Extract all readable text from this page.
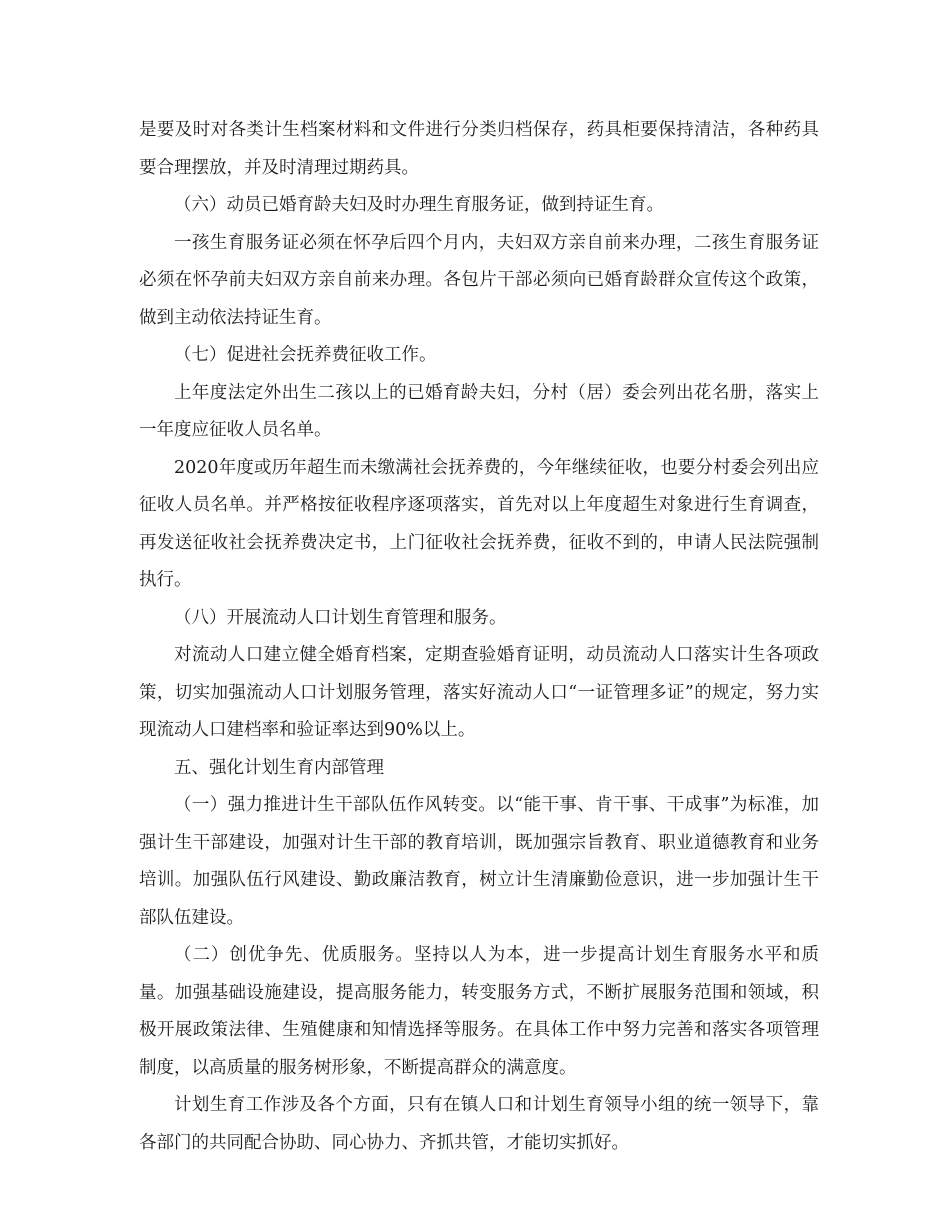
是要及时对各类计生档案材料和文件进行分类归档保存，药具柜要保持清洁，各种药具要合理摆放，并及时清理过期药具。

（六）动员已婚育龄夫妇及时办理生育服务证，做到持证生育。

一孩生育服务证必须在怀孕后四个月内，夫妇双方亲自前来办理，二孩生育服务证必须在怀孕前夫妇双方亲自前来办理。各包片干部必须向已婚育龄群众宣传这个政策，做到主动依法持证生育。

（七）促进社会抚养费征收工作。

上年度法定外出生二孩以上的已婚育龄夫妇，分村（居）委会列出花名册，落实上一年度应征收人员名单。

2020年度或历年超生而未缴满社会抚养费的，今年继续征收，也要分村委会列出应征收人员名单。并严格按征收程序逐项落实，首先对以上年度超生对象进行生育调查，再发送征收社会抚养费决定书，上门征收社会抚养费，征收不到的，申请人民法院强制执行。

（八）开展流动人口计划生育管理和服务。

对流动人口建立健全婚育档案，定期查验婚育证明，动员流动人口落实计生各项政策，切实加强流动人口计划服务管理，落实好流动人口“一证管理多证”的规定，努力实现流动人口建档率和验证率达到90%以上。

五、强化计划生育内部管理

（一）强力推进计生干部队伍作风转变。以“能干事、肯干事、干成事”为标准，加强计生干部建设，加强对计生干部的教育培训，既加强宗旨教育、职业道德教育和业务培训。加强队伍行风建设、勤政廉洁教育，树立计生清廉勤俭意识，进一步加强计生干部队伍建设。

（二）创优争先、优质服务。坚持以人为本，进一步提高计划生育服务水平和质量。加强基础设施建设，提高服务能力，转变服务方式，不断扩展服务范围和领域，积极开展政策法律、生殖健康和知情选择等服务。在具体工作中努力完善和落实各项管理制度，以高质量的服务树形象，不断提高群众的满意度。

计划生育工作涉及各个方面，只有在镇人口和计划生育领导小组的统一领导下，靠各部门的共同配合协助、同心协力、齐抓共管，才能切实抓好。
